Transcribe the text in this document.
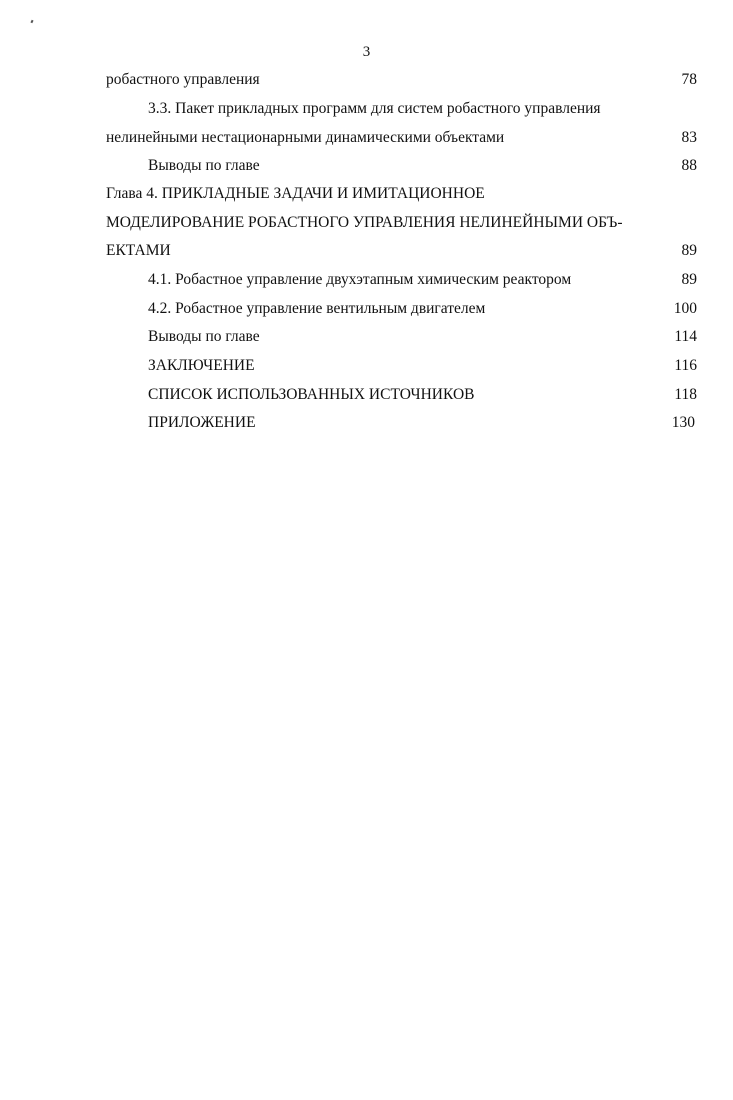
3
робастного управления	78
3.3. Пакет прикладных программ для систем робастного управления
нелинейными нестационарными динамическими объектами	83
Выводы по главе	88
Глава 4. ПРИКЛАДНЫЕ ЗАДАЧИ И ИМИТАЦИОННОЕ
МОДЕЛИРОВАНИЕ РОБАСТНОГО УПРАВЛЕНИЯ НЕЛИНЕЙНЫМИ ОБЪ-
ЕКТАМИ	89
4.1. Робастное управление двухэтапным химическим реактором	89
4.2. Робастное управление вентильным двигателем	100
Выводы по главе	114
ЗАКЛЮЧЕНИЕ	116
СПИСОК ИСПОЛЬЗОВАННЫХ ИСТОЧНИКОВ	118
ПРИЛОЖЕНИЕ	130
